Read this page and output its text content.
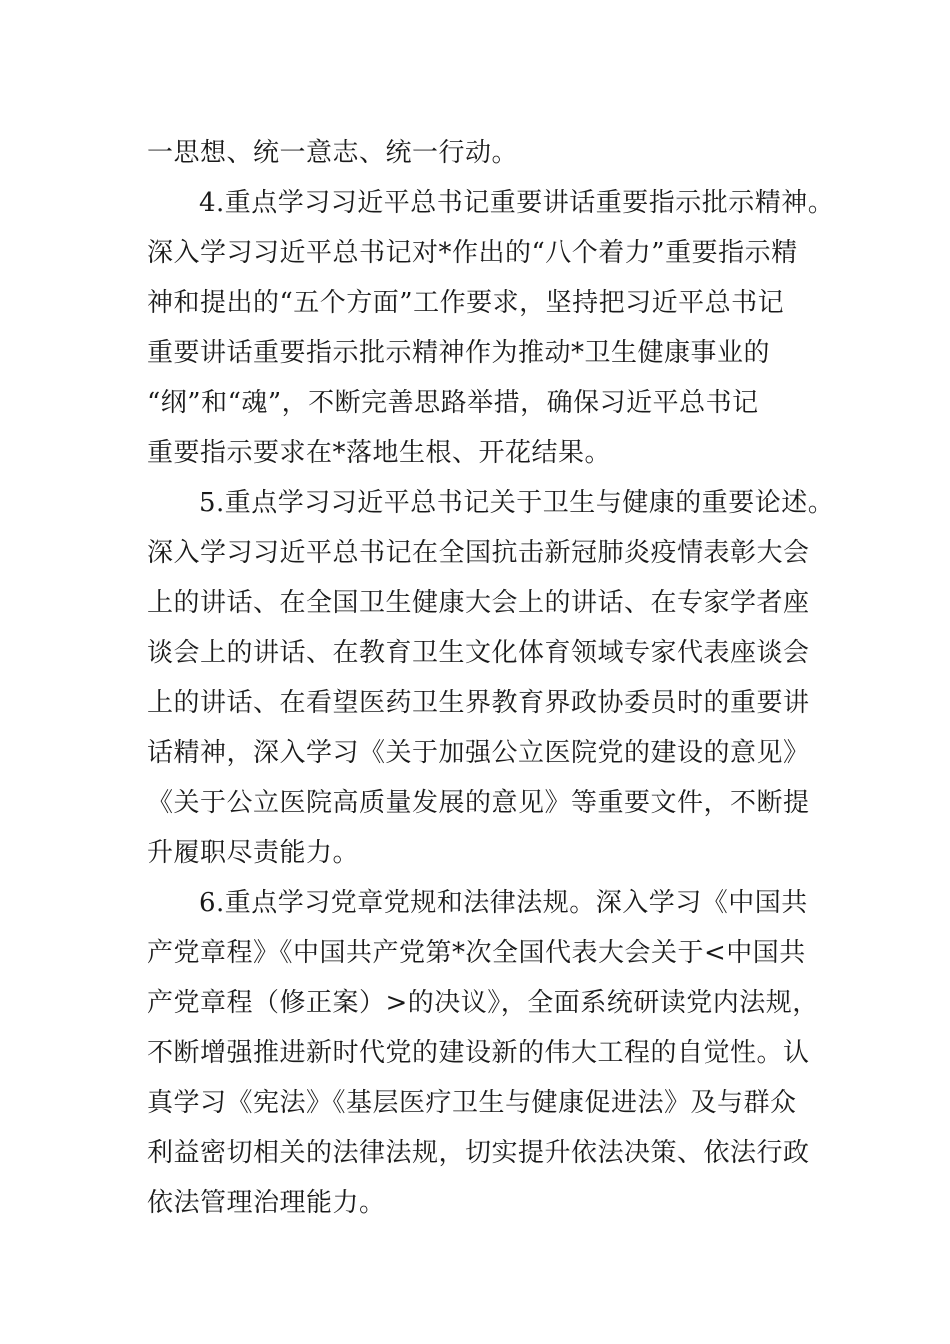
一思想、统一意志、统一行动。
4.重点学习习近平总书记重要讲话重要指示批示精神。
深入学习习近平总书记对*作出的“八个着力”重要指示精
神和提出的“五个方面”工作要求，坚持把习近平总书记
重要讲话重要指示批示精神作为推动*卫生健康事业的
“纲”和“魂”，不断完善思路举措，确保习近平总书记
重要指示要求在*落地生根、开花结果。
5.重点学习习近平总书记关于卫生与健康的重要论述。
深入学习习近平总书记在全国抗击新冠肺炎疫情表彰大会
上的讲话、在全国卫生健康大会上的讲话、在专家学者座
谈会上的讲话、在教育卫生文化体育领域专家代表座谈会
上的讲话、在看望医药卫生界教育界政协委员时的重要讲
话精神，深入学习《关于加强公立医院党的建设的意见》
《关于公立医院高质量发展的意见》等重要文件，不断提
升履职尽责能力。
6.重点学习党章党规和法律法规。深入学习《中国共
产党章程》《中国共产党第*次全国代表大会关于<中国共
产党章程（修正案）>的决议》，全面系统研读党内法规，
不断增强推进新时代党的建设新的伟大工程的自觉性。认
真学习《宪法》《基层医疗卫生与健康促进法》及与群众
利益密切相关的法律法规，切实提升依法决策、依法行政
依法管理治理能力。
